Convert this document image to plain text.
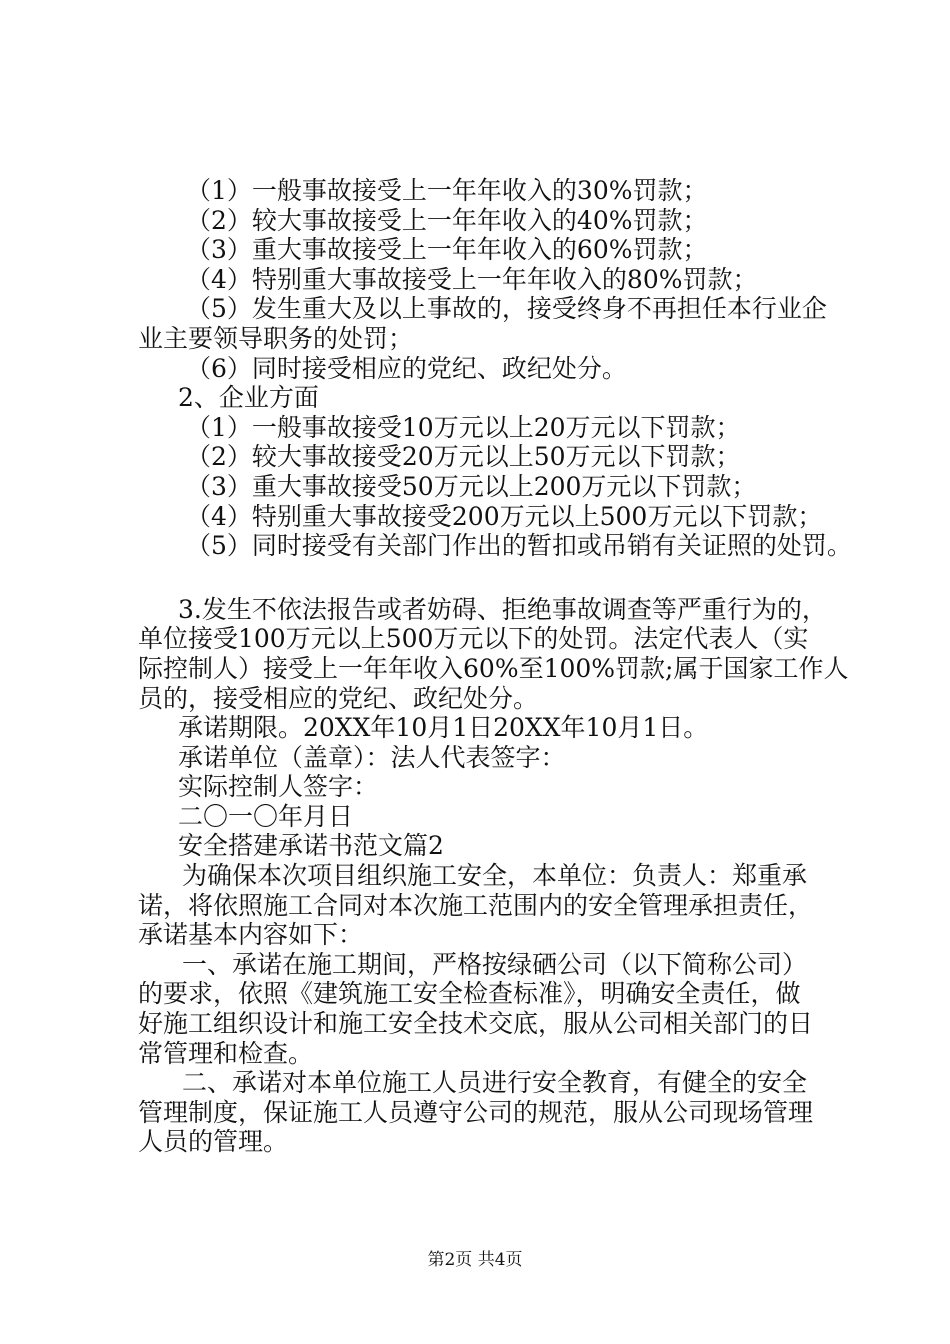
（1）一般事故接受上一年年收入的30%罚款；
（2）较大事故接受上一年年收入的40%罚款；
（3）重大事故接受上一年年收入的60%罚款；
（4）特别重大事故接受上一年年收入的80%罚款；
（5）发生重大及以上事故的，接受终身不再担任本行业企
业主要领导职务的处罚；
（6）同时接受相应的党纪、政纪处分。
2、企业方面
（1）一般事故接受10万元以上20万元以下罚款；
（2）较大事故接受20万元以上50万元以下罚款；
（3）重大事故接受50万元以上200万元以下罚款；
（4）特别重大事故接受200万元以上500万元以下罚款；
（5）同时接受有关部门作出的暂扣或吊销有关证照的处罚。
3.发生不依法报告或者妨碍、拒绝事故调查等严重行为的，
单位接受100万元以上500万元以下的处罚。法定代表人（实
际控制人）接受上一年年收入60%至100%罚款;属于国家工作人
员的，接受相应的党纪、政纪处分。
承诺期限。20XX年10月1日20XX年10月1日。
承诺单位（盖章）：法人代表签字：
实际控制人签字：
二〇一〇年月日
安全搭建承诺书范文篇2
为确保本次项目组织施工安全，本单位：负责人：郑重承
诺，将依照施工合同对本次施工范围内的安全管理承担责任，
承诺基本内容如下：
一、承诺在施工期间，严格按绿硒公司（以下简称公司）
的要求，依照《建筑施工安全检查标准》，明确安全责任，做
好施工组织设计和施工安全技术交底，服从公司相关部门的日
常管理和检查。
二、承诺对本单位施工人员进行安全教育，有健全的安全
管理制度，保证施工人员遵守公司的规范，服从公司现场管理
人员的管理。
第2页 共4页
